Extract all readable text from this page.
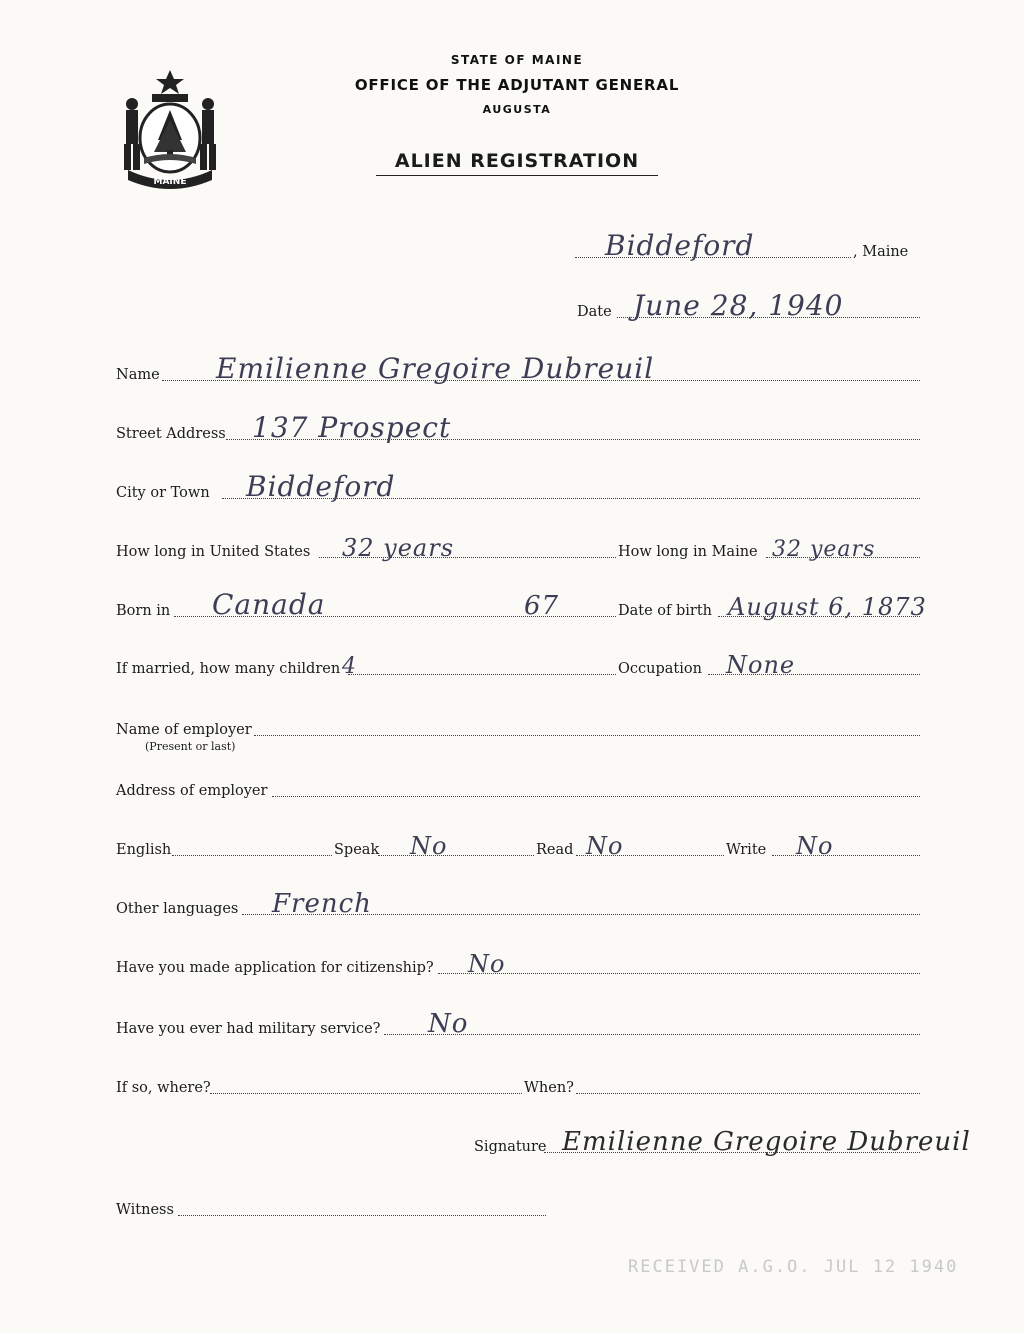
MAINE
STATE OF MAINE
OFFICE OF THE ADJUTANT GENERAL
AUGUSTA
ALIEN REGISTRATION
Biddeford	, Maine
Date June 28, 1940
Name Emilienne Gregoire Dubreuil
Street Address 137 Prospect
City or Town Biddeford
How long in United States 32 years	How long in Maine 32 years
Born in Canada	67	Date of birth August 6, 1873
If married, how many children 4	Occupation None
Name of employer
(Present or last)
Address of employer
English	Speak No	Read No	Write No
Other languages French
Have you made application for citizenship? No
Have you ever had military service? No
If so, where?	When?
Signature Emilienne Gregoire Dubreuil
Witness
RECEIVED A.G.O. JUL 12 1940
